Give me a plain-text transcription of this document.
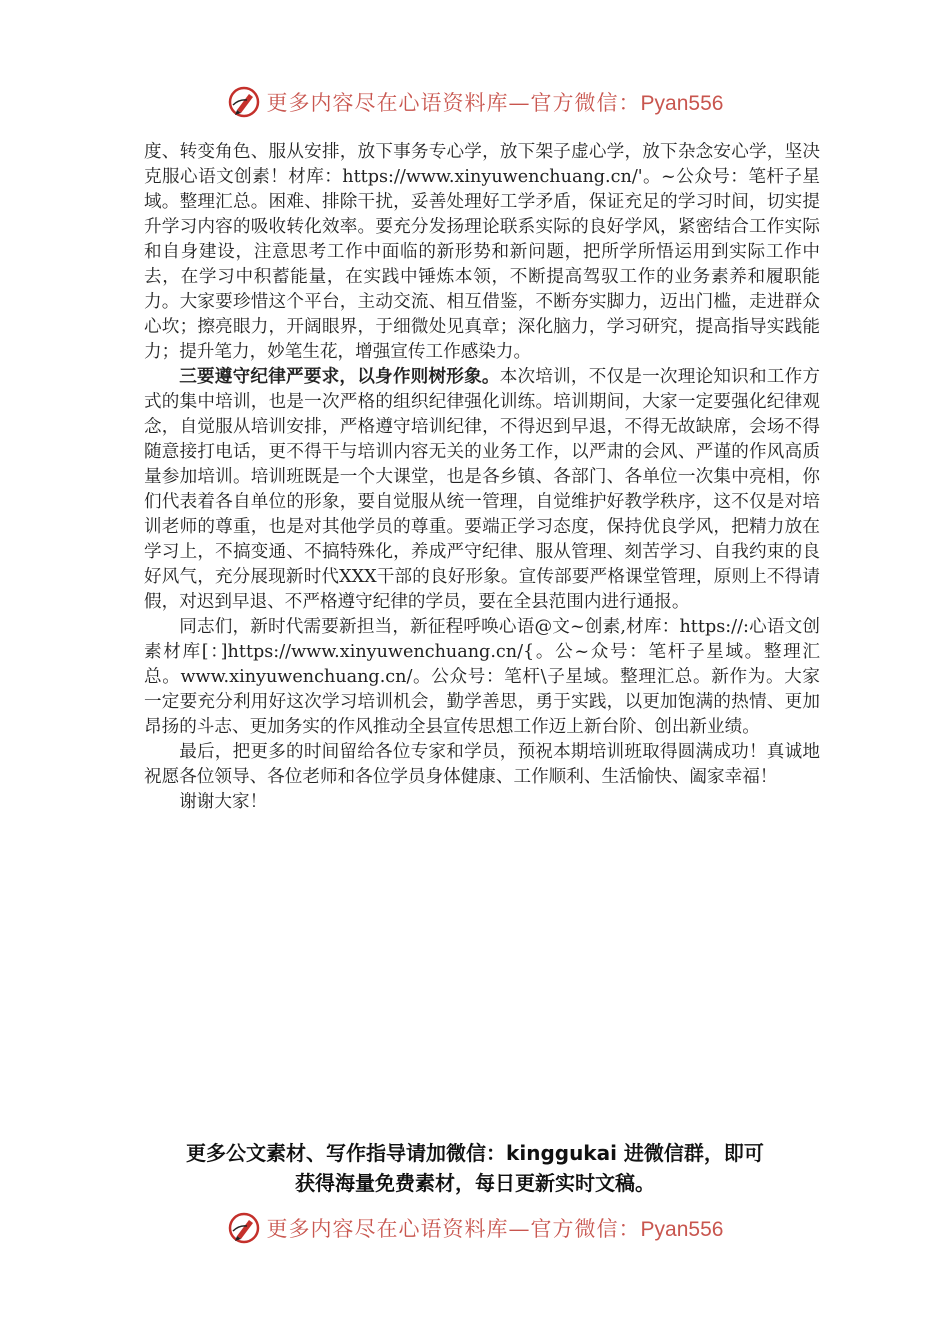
更多内容尽在心语资料库—官方微信：Pyan556

度、转变角色、服从安排，放下事务专心学，放下架子虚心学，放下杂念安心学，坚决克服心语文创素！材库：https://www.xinyuwenchuang.cn/'。~公众号：笔杆子星域。整理汇总。困难、排除干扰，妥善处理好工学矛盾，保证充足的学习时间，切实提升学习内容的吸收转化效率。要充分发扬理论联系实际的良好学风，紧密结合工作实际和自身建设，注意思考工作中面临的新形势和新问题，把所学所悟运用到实际工作中去，在学习中积蓄能量，在实践中锤炼本领，不断提高驾驭工作的业务素养和履职能力。大家要珍惜这个平台，主动交流、相互借鉴，不断夯实脚力，迈出门槛，走进群众心坎；擦亮眼力，开阔眼界，于细微处见真章；深化脑力，学习研究，提高指导实践能力；提升笔力，妙笔生花，增强宣传工作感染力。

三要遵守纪律严要求，以身作则树形象。本次培训，不仅是一次理论知识和工作方式的集中培训，也是一次严格的组织纪律强化训练。培训期间，大家一定要强化纪律观念，自觉服从培训安排，严格遵守培训纪律，不得迟到早退，不得无故缺席，会场不得随意接打电话，更不得干与培训内容无关的业务工作，以严肃的会风、严谨的作风高质量参加培训。培训班既是一个大课堂，也是各乡镇、各部门、各单位一次集中亮相，你们代表着各自单位的形象，要自觉服从统一管理，自觉维护好教学秩序，这不仅是对培训老师的尊重，也是对其他学员的尊重。要端正学习态度，保持优良学风，把精力放在学习上，不搞变通、不搞特殊化，养成严守纪律、服从管理、刻苦学习、自我约束的良好风气，充分展现新时代XXX干部的良好形象。宣传部要严格课堂管理，原则上不得请假，对迟到早退、不严格遵守纪律的学员，要在全县范围内进行通报。

同志们，新时代需要新担当，新征程呼唤心语@文~创素,材库：https://:心语文创素材库[：]https://www.xinyuwenchuang.cn/{。公~众号：笔杆子星域。整理汇总。www.xinyuwenchuang.cn/。公众号：笔杆\子星域。整理汇总。新作为。大家一定要充分利用好这次学习培训机会，勤学善思，勇于实践，以更加饱满的热情、更加昂扬的斗志、更加务实的作风推动全县宣传思想工作迈上新台阶、创出新业绩。

最后，把更多的时间留给各位专家和学员，预祝本期培训班取得圆满成功！真诚地祝愿各位领导、各位老师和各位学员身体健康、工作顺利、生活愉快、阖家幸福！

谢谢大家！

更多公文素材、写作指导请加微信：kinggukai 进微信群，即可
获得海量免费素材，每日更新实时文稿。
更多内容尽在心语资料库—官方微信：Pyan556
